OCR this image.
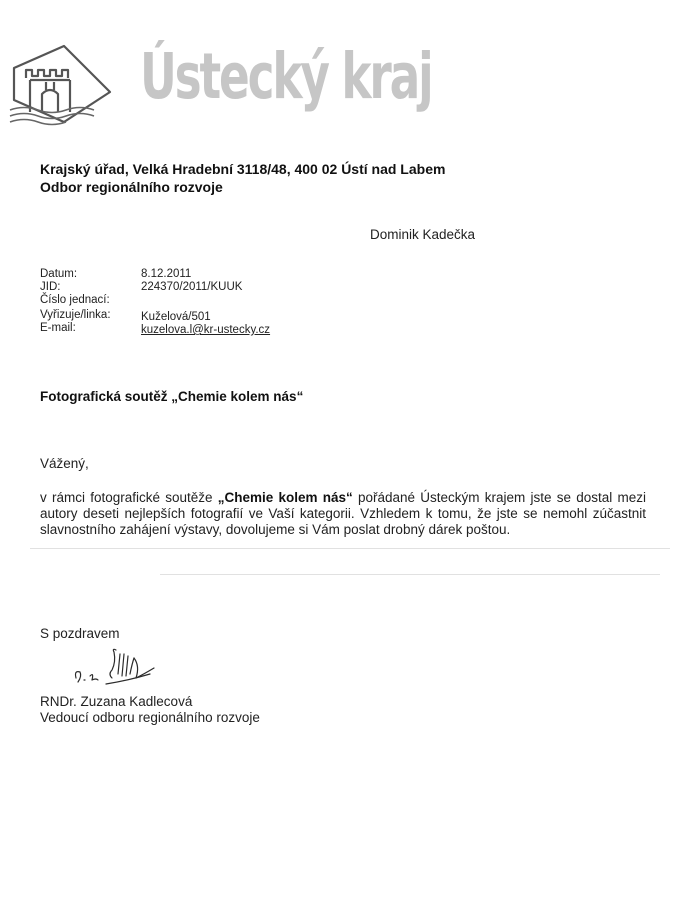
Ústecký kraj
Krajský úřad, Velká Hradební 3118/48, 400 02 Ústí nad Labem
Odbor regionálního rozvoje
Dominik Kadečka
Datum:	8.12.2011
JID:	224370/2011/KUUK
Číslo jednací:
Vyřizuje/linka:	Kuželová/501
E-mail:	kuzelova.l@kr-ustecky.cz
Fotografická soutěž „Chemie kolem nás“
Vážený,
v rámci fotografické soutěže „Chemie kolem nás“ pořádané Ústeckým krajem jste se dostal mezi autory deseti nejlepších fotografií ve Vaší kategorii. Vzhledem k tomu, že jste se nemohl zúčastnit slavnostního zahájení výstavy, dovolujeme si Vám poslat drobný dárek poštou.
S pozdravem
RNDr. Zuzana Kadlecová
Vedoucí odboru regionálního rozvoje
